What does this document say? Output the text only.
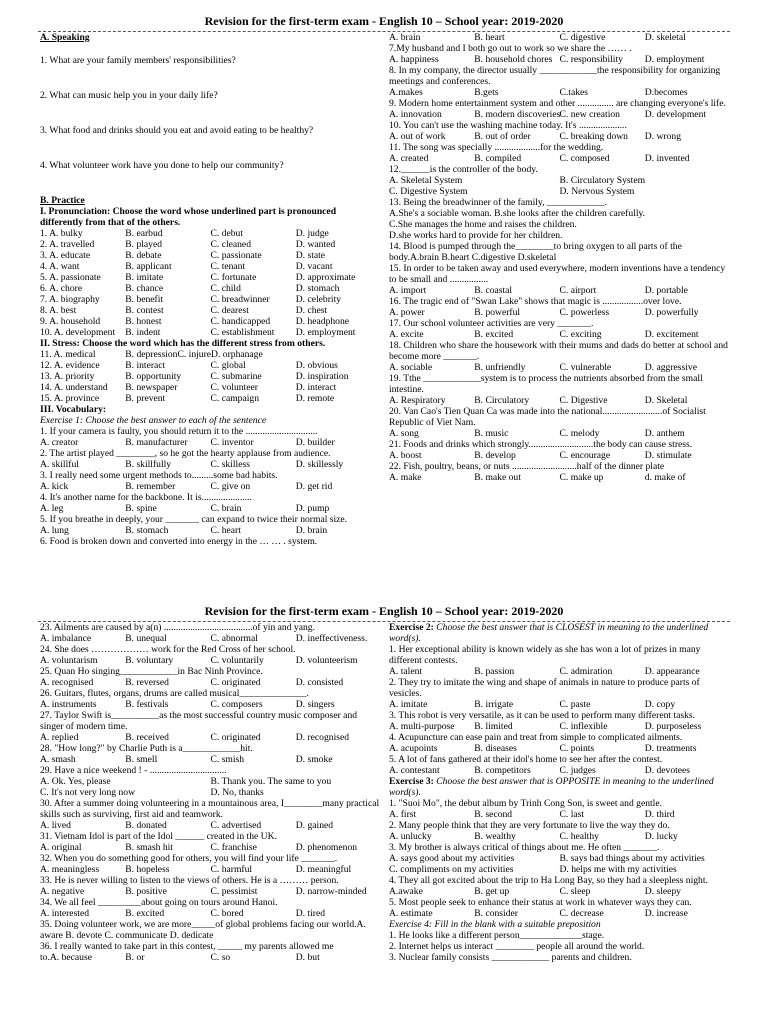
Revision for the first-term exam - English 10 – School year: 2019-2020
A. Speaking
1. What are your family members' responsibilities?
2. What can music help you in your daily life?
3. What food and drinks should you eat and avoid eating to be healthy?
4. What volunteer work have you done to help our community?
B. Practice
I. Pronunciation: Choose the word whose underlined part is pronounced differently from that of the others.
1. A. bulky	B. earbud	C. debut	D. judge
2. A. travelled	B. played	C. cleaned	D. wanted
3. A. educate	B. debate	C. passionate	D. state
4. A. want	B. applicant	C. tenant	D. vacant
5. A. passionate	B. imitate	C. fortunate	D. approximate
6. A. chore	B. chance	C. child	D. stomach
7. A. biography	B. benefit	C. breadwinner	D. celebrity
8. A. best	B. contest	C. dearest	D. chest
9. A. household	B. honest	C. handicapped	D. headphone
10. A. development	B. indent	C. establishment	D. employment
II. Stress: Choose the word which has the different stress from others.
11. A. medical	B. depressionC. injureD. orphanage
12. A. evidence	B. interact	C. global	D. obvious
13. A. priority	B. opportunity	C. submarine	D. inspiration
14. A. understand	B. newspaper	C. volunteer	D. interact
15. A. province	B. prevent	C. campaign	D. remote
III. Vocabulary:
Exercise 1: Choose the best answer to each of the sentence
1. If your camera is faulty, you should return it to the ..............................
A. creator	B. manufacturer	C. inventor	D. builder
2. The artist played ________, so he got the hearty applause from audience.
A. skillful	B. skillfully	C. skilless	D. skillessly
3. I really need some urgent methods to.........some bad habits.
A. kick	B. remember	C. give on	D. get rid
4. It's another name for the backbone. It is.....................
A. leg	B. spine	C. brain	D. pump
5. If you breathe in deeply, your _______ can expand to twice their normal size.
A. lung	B. stomach	C. heart	D. brain
6. Food is broken down and converted into energy in the … … . system.
A. brain	B. heart	C. digestive	D. skeletal
7.My husband and I both go out to work so we share the …… .
A. happiness	B. household chores C. responsibility	D. employment
8. In my company, the director usually ____________the responsibility for organizing meetings and conferences.
A.makes	B.gets	C.takes	D.becomes
9. Modern home entertainment system and other ............... are changing everyone's life.
A. innovation	B. modern discoveries C. new creation	D. development
10. You can't use the washing machine today. It's ....................
A. out of work	B. out of order	C. breaking down	D. wrong
11. The song was specially ...................for the wedding.
A. created	B. compiled	C. composed	D. invented
12.______is the controller of the body.
A. Skeletal System	B. Circulatory System
C. Digestive System	D. Nervous System
13. Being the breadwinner of the family, ____________.
A.She's a sociable woman. B.she looks after the children carefully.
C.She manages the home and raises the children.
D.she works hard to provide for her children.
14. Blood is pumped through the________to bring oxygen to all parts of the body.A.brain B.heart C.digestive D.skeletal
15. In order to be taken away and used everywhere, modern inventions have a tendency to be small and ................
A. import	B. coastal	C. airport	D. portable
16. The tragic end of "Swan Lake" shows that magic is .................over love.
A. power	B. powerful	C. powerless	D. powerfully
17. Our school volunteer activities are very _______.
A. excite	B. excited	C. exciting	D. excitement
18. Children who share the housework with their mums and dads do better at school and become more _______.
A. sociable	B. unfriendly	C. vulnerable	D. aggressive
19. Tthe ____________system is to process the nutrients absorbed from the small intestine.
A. Respiratory	B. Circulatory	C. Digestive	D. Skeletal
20. Van Cao's Tien Quan Ca was made into the national.........................of Socialist Republic of Viet Nam.
A. song	B. music	C. melody	D. anthem
21. Foods and drinks which strongly...........................the body can cause stress.
A. boost	B. develop	C. encourage	D. stimulate
22. Fish, poultry, beans, or nuts ...........................half of the dinner plate
A. make	B. make out	C. make up	d. make of
Revision for the first-term exam - English 10 – School year: 2019-2020
23. Ailments are caused by a(n) .....................................of yin and yang.
A. imbalance	B. unequal	C. abnormal	D. ineffectiveness.
24. She does ……………… work for the Red Cross of her school.
A. voluntarism	B. voluntary	C. voluntarily	D. volunteerism
25. Quan Ho singing____________in Bac Ninh Province.
A. recognised	B. reversed	C. originated	D. consisted
26. Guitars, flutes, organs, drums are called musical______________.
A. instruments	B. festivals	C. composers	D. singers
27. Taylor Swift is__________as the most successful country music composer and singer of modern time.
A. replied	B. received	C. originated	D. recognised
28. "How long?" by Charlie Puth is a____________hit.
A. smash	B. smell	C. smish	D. smoke
29. Have a nice weekend ! - ................................
A. Ok. Yes, please	B. Thank you. The same to you
C. It's not very long now	D. No, thanks
30. After a summer doing volunteering in a mountainous area, I________many practical skills such as surviving, first aid and teamwork.
A. lived	B. donated	C. advertised	D. gained
31. Vietnam Idol is part of the Idol ______ created in the UK.
A. original	B. smash hit	C. franchise	D. phenomenon
32. When you do something good for others, you will find your life _______.
A. meaningless	B. hopeless	C. harmful	D. meaningful
33. He is never willing to listen to the views of others. He is a ……… person.
A. negative	B. positive	C. pessimist	D. narrow-minded
34. We all feel _________about going on tours around Hanoi.
A. interested	B. excited	C. bored	D. tired
35. Doing volunteer work, we are more_____of global problems facing our world.A. aware B. devote C. communicate D. dedicate
36. I really wanted to take part in this contest, _____ my parents allowed me
to.A. because	B. or	C. so	D. but
Exercise 2: Choose the best answer that is CLOSEST in meaning to the underlined word(s).
1. Her exceptional ability is known widely as she has won a lot of prizes in many different contests.
A. talent	B. passion	C. admiration	D. appearance
2. They try to imitate the wing and shape of animals in nature to produce parts of vesicles.
A. imitate	B. irrigate	C. paste	D. copy
3. This robot is very versatile, as it can be used to perform many different tasks.
A. multi-purpose	B. limited	C. inflexible	D. purposeless
4. Acupuncture can ease pain and treat from simple to complicated ailments.
A. acupoints	B. diseases	C. points	D. treatments
5. A lot of fans gathered at their idol's home to see her after the contest.
A. contestant	B. competitors	C. judges	D. devotees
Exercise 3: Choose the best answer that is OPPOSITE in meaning to the underlined word(s).
1. "Suoi Mo", the debut album by Trinh Cong Son, is sweet and gentle.
A. first	B. second	C. last	D. third
2. Many people think that they are very fortunate to live the way they do.
A. unlucky	B. wealthy	C. healthy	D. lucky
3. My brother is always critical of things about me. He often _______.
A. says good about my activities	B. says bad things about my activities
C. compliments on my activities	D. helps me with my activities
4. They all got excited about the trip to Ha Long Bay, so they had a sleepless night.
A.awake	B. get up	C. sleep	D. sleepy
5. Most people seek to enhance their status at work in whatever ways they can.
A. estimate	B. consider	C. decrease	D. increase
Exercise 4: Fill in the blank with a suitable preposition
1. He looks like a different person_____________stage.
2. Internet helps us interact ________ people all around the world.
3. Nuclear family consists ____________ parents and children.
